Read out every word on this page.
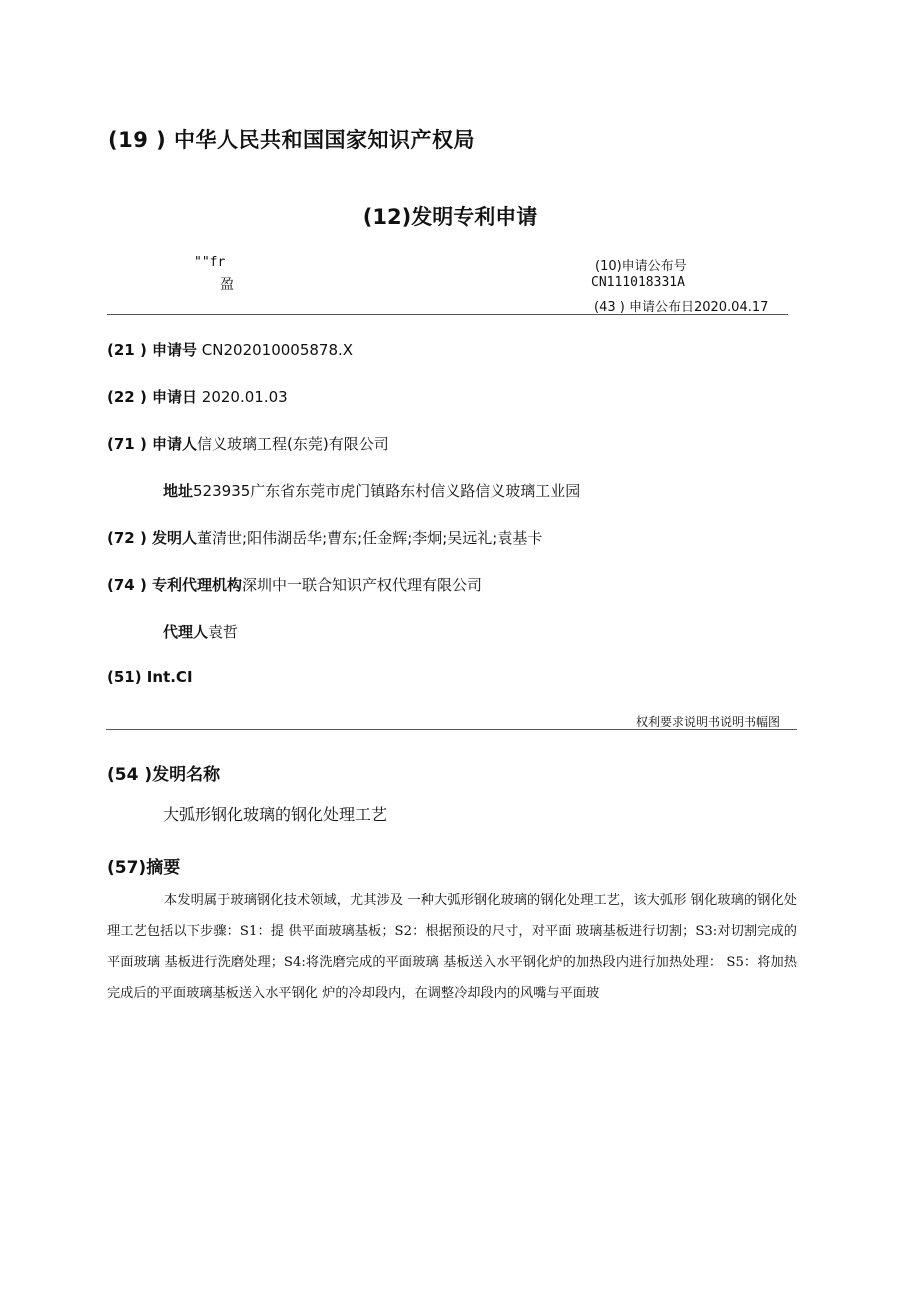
(19 ) 中华人民共和国国家知识产权局
(12)发明专利申请
""fr
盈
(10)申请公布号
CN111018331A
(43 ) 申请公布日2020.04.17
(21 ) 申请号 CN202010005878.X
(22 ) 申请日 2020.01.03
(71 ) 申请人信义玻璃工程(东莞)有限公司
地址523935广东省东莞市虎门镇路东村信义路信义玻璃工业园
(72 ) 发明人董清世;阳伟湖岳华;曹东;任金辉;李炯;吴远礼;袁基卡
(74 ) 专利代理机构深圳中一联合知识产权代理有限公司
代理人袁哲
(51) Int.CI
权利要求说明书说明书幅图
(54 )发明名称
大弧形钢化玻璃的钢化处理工艺
(57)摘要
本发明属于玻璃钢化技术领域，尤其涉及 一种大弧形钢化玻璃的钢化处理工艺，该大弧形 钢化玻璃的钢化处理工艺包括以下步骤：S1：提 供平面玻璃基板；S2：根据预设的尺寸，对平面 玻璃基板进行切割；S3:对切割完成的平面玻璃 基板进行洗磨处理；S4:将洗磨完成的平面玻璃 基板送入水平钢化炉的加热段内进行加热处理： S5：将加热完成后的平面玻璃基板送入水平钢化 炉的冷却段内，在调整冷却段内的风嘴与平面玻
